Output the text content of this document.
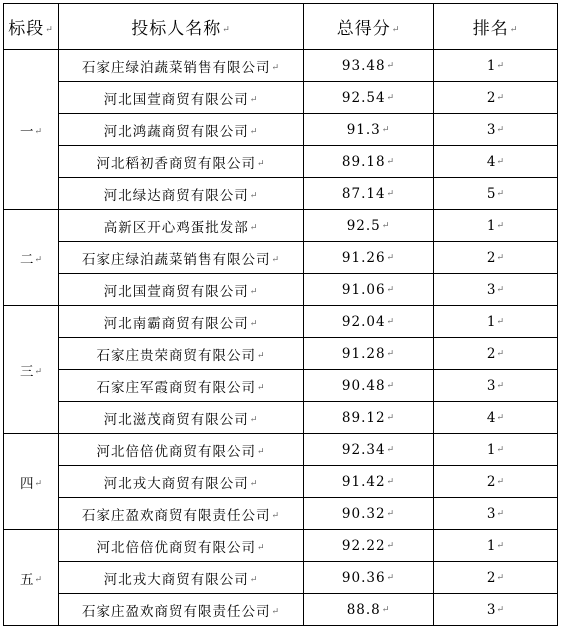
标段↵	投标人名称↵	总得分↵	排名↵
一↵	石家庄绿泊蔬菜销售有限公司↵	93.48↵	1↵
	河北国萱商贸有限公司↵	92.54↵	2↵
	河北鸿蔬商贸有限公司↵	91.3↵	3↵
	河北稻初香商贸有限公司↵	89.18↵	4↵
	河北绿达商贸有限公司↵	87.14↵	5↵
二↵	高新区开心鸡蛋批发部↵	92.5↵	1↵
	石家庄绿泊蔬菜销售有限公司↵	91.26↵	2↵
	河北国萱商贸有限公司↵	91.06↵	3↵
三↵	河北南霸商贸有限公司↵	92.04↵	1↵
	石家庄贵荣商贸有限公司↵	91.28↵	2↵
	石家庄军霞商贸有限公司↵	90.48↵	3↵
	河北滋茂商贸有限公司↵	89.12↵	4↵
四↵	河北倍倍优商贸有限公司↵	92.34↵	1↵
	河北戎大商贸有限公司↵	91.42↵	2↵
	石家庄盈欢商贸有限责任公司↵	90.32↵	3↵
五↵	河北倍倍优商贸有限公司↵	92.22↵	1↵
	河北戎大商贸有限公司↵	90.36↵	2↵
	石家庄盈欢商贸有限责任公司↵	88.8↵	3↵
